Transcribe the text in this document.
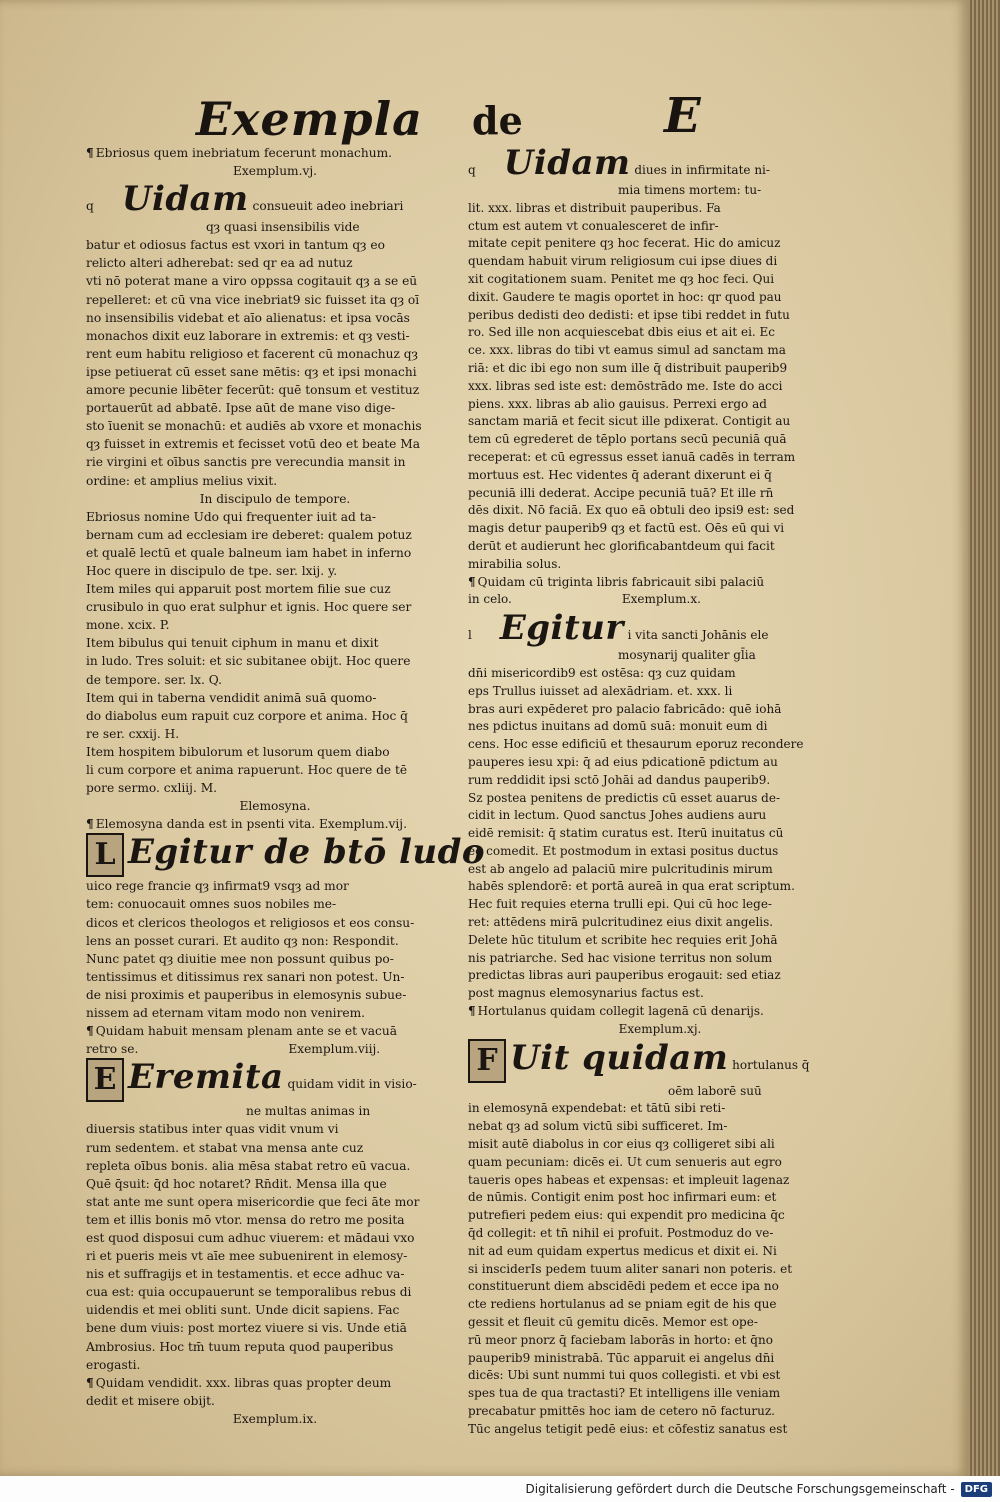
Exempla de	E

¶ Ebriosus quem inebriatum fecerunt monachum.

Exemplum.vj.

q Uidam consueuit adeo inebriari

qȝ quasi insensibilis vide

batur et odiosus factus est vxori in tantum qȝ eo

relicto alteri adherebat: sed qr ea ad nutuz

vti nō poterat mane a viro oppssa cogitauit qȝ a se eū

repelleret: et cū vna vice inebriat9 sic fuisset ita qȝ oī

no insensibilis videbat et aīo alienatus: et ipsa vocās

monachos dixit euz laborare in extremis: et qȝ vesti-

rent eum habitu religioso et facerent cū monachuz qȝ

ipse petiuerat cū esset sane mētis: qȝ et ipsi monachi

amore pecunie libēter fecerūt: quē tonsum et vestituz

portauerūt ad abbatē. Ipse aūt de mane viso dige-

sto īuenit se monachū: et audiēs ab vxore et monachis

qȝ fuisset in extremis et fecisset votū deo et beate Ma

rie virgini et oībus sanctis pre verecundia mansit in

ordine: et amplius melius vixit.

In discipulo de tempore.

Ebriosus nomine Udo qui frequenter iuit ad ta-

bernam cum ad ecclesiam ire deberet: qualem potuz

et qualē lectū et quale balneum iam habet in inferno

Hoc quere in discipulo de tpe. ser. lxij. y.

Item miles qui apparuit post mortem filie sue cuz

crusibulo in quo erat sulphur et ignis. Hoc quere ser

mone. xcix. P.

Item bibulus qui tenuit ciphum in manu et dixit

in ludo. Tres soluit: et sic subitanee obijt. Hoc quere

de tempore. ser. lx. Q.

Item qui in taberna vendidit animā suā quomo-

do diabolus eum rapuit cuz corpore et anima. Hoc q̄

re ser. cxxij. H.

Item hospitem bibulorum et lusorum quem diabo

li cum corpore et anima rapuerunt. Hoc quere de tē

pore sermo. cxliij. M.

Elemosyna.

¶ Elemosyna danda est in psenti vita. Exemplum.vij.

L Egitur de btō ludo

uico rege francie qȝ infirmat9 vsqȝ ad mor

tem: conuocauit omnes suos nobiles me-

dicos et clericos theologos et religiosos et eos consu-

lens an posset curari. Et audito qȝ non: Respondit.

Nunc patet qȝ diuitie mee non possunt quibus po-

tentissimus et ditissimus rex sanari non potest. Un-

de nisi proximis et pauperibus in elemosynis subue-

nissem ad eternam vitam modo non venirem.

¶ Quidam habuit mensam plenam ante se et vacuā

retro se.	Exemplum.viij.

E Eremita quidam vidit in visio-

ne multas animas in

diuersis statibus inter quas vidit vnum vi

rum sedentem. et stabat vna mensa ante cuz

repleta oībus bonis. alia mēsa stabat retro eū vacua.

Quē q̄suit: q̄d hoc notaret? Rn̄dit. Mensa illa que

stat ante me sunt opera misericordie que feci āte mor

tem et illis bonis mō vtor. mensa do retro me posita

est quod disposui cum adhuc viuerem: et mādaui vxo

ri et pueris meis vt aīe mee subuenirent in elemosy-

nis et suffragijs et in testamentis. et ecce adhuc va-

cua est: quia occupauerunt se temporalibus rebus di

uidendis et mei obliti sunt. Unde dicit sapiens. Fac

bene dum viuis: post mortez viuere si vis. Unde etiā

Ambrosius. Hoc tm̄ tuum reputa quod pauperibus

erogasti.

¶ Quidam vendidit. xxx. libras quas propter deum

dedit et misere obijt.

Exemplum.ix.

q Uidam diues in infirmitate ni-

mia timens mortem: tu-

lit. xxx. libras et distribuit pauperibus. Fa

ctum est autem vt conualesceret de infir-

mitate cepit penitere qȝ hoc fecerat. Hic do amicuz

quendam habuit virum religiosum cui ipse diues di

xit cogitationem suam. Penitet me qȝ hoc feci. Qui

dixit. Gaudere te magis oportet in hoc: qr quod pau

peribus dedisti deo dedisti: et ipse tibi reddet in futu

ro. Sed ille non acquiescebat dbis eius et ait ei. Ec

ce. xxx. libras do tibi vt eamus simul ad sanctam ma

riā: et dic ibi ego non sum ille q̄ distribuit pauperib9

xxx. libras sed iste est: demōstrādo me. Iste do acci

piens. xxx. libras ab alio gauisus. Perrexi ergo ad

sanctam mariā et fecit sicut ille pdixerat. Contigit au

tem cū egrederet de tēplo portans secū pecuniā quā

receperat: et cū egressus esset ianuā cadēs in terram

mortuus est. Hec videntes q̄ aderant dixerunt ei q̄

pecuniā illi dederat. Accipe pecuniā tuā? Et ille rn̄

dēs dixit. Nō faciā. Ex quo eā obtuli deo ipsi9 est: sed

magis detur pauperib9 qȝ et factū est. Oēs eū qui vi

derūt et audierunt hec glorificabantdeum qui facit

mirabilia solus.

¶ Quidam cū triginta libris fabricauit sibi palaciū

in celo.	Exemplum.x.

l Egitur i vita sancti Johānis ele

mosynarij qualiter gl̄ia

dn̄i misericordib9 est ostēsa: qȝ cuz quidam

eps Trullus iuisset ad alexādriam. et. xxx. li

bras auri expēderet pro palacio fabricādo: quē iohā

nes pdictus inuitans ad domū suā: monuit eum di

cens. Hoc esse edificiū et thesaurum eporuz recondere

pauperes iesu xpi: q̄ ad eius pdicationē pdictum au

rum reddidit ipsi sctō Johāi ad dandus pauperib9.

Sz postea penitens de predictis cū esset auarus de-

cidit in lectum. Quod sanctus Johes audiens auru

eidē remisit: q̄ statim curatus est. Iterū inuitatus cū

eo comedit. Et postmodum in extasi positus ductus

est ab angelo ad palaciū mire pulcritudinis mirum

habēs splendorē: et portā aureā in qua erat scriptum.

Hec fuit requies eterna trulli epi. Qui cū hoc lege-

ret: attēdens mirā pulcritudinez eius dixit angelis.

Delete hūc titulum et scribite hec requies erit Johā

nis patriarche. Sed hac visione territus non solum

predictas libras auri pauperibus erogauit: sed etiaz

post magnus elemosynarius factus est.

¶ Hortulanus quidam collegit lagenā cū denarijs.

Exemplum.xj.

F Uit quidam hortulanus q̄

oēm laborē suū

in elemosynā expendebat: et tātū sibi reti-

nebat qȝ ad solum victū sibi sufficeret. Im-

misit autē diabolus in cor eius qȝ colligeret sibi ali

quam pecuniam: dicēs ei. Ut cum senueris aut egro

taueris opes habeas et expensas: et impleuit lagenaz

de nūmis. Contigit enim post hoc infirmari eum: et

putrefieri pedem eius: qui expendit pro medicina q̄c

q̄d collegit: et tn̄ nihil ei profuit. Postmoduz do ve-

nit ad eum quidam expertus medicus et dixit ei. Ni

si insciderIs pedem tuum aliter sanari non poteris. et

constituerunt diem abscidēdi pedem et ecce ipa no

cte rediens hortulanus ad se pniam egit de his que

gessit et fleuit cū gemitu dicēs. Memor est ope-

rū meor pnorz q̄ faciebam laborās in horto: et q̄no

pauperib9 ministrabā. Tūc apparuit ei angelus dn̄i

dicēs: Ubi sunt nummi tui quos collegisti. et vbi est

spes tua de qua tractasti? Et intelligens ille veniam

precabatur pmittēs hoc iam de cetero nō facturuz.

Tūc angelus tetigit pedē eius: et cōfestiz sanatus est

Digitalisierung gefördert durch die Deutsche Forschungsgemeinschaft -	DFG
